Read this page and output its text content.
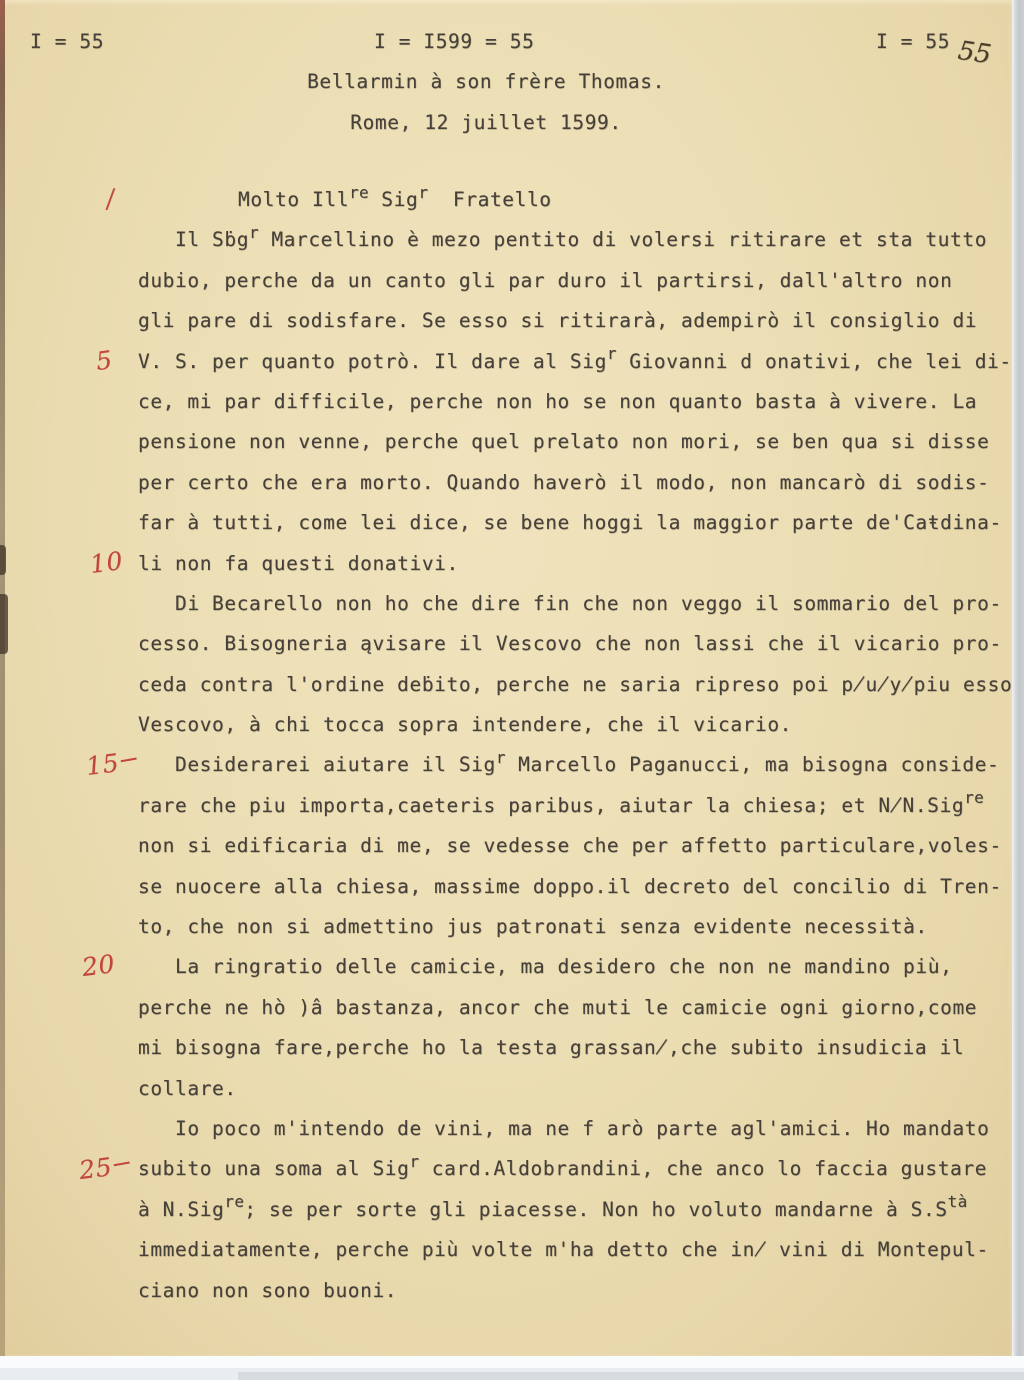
I = 55	I = I599 = 55	I = 55 55
Bellarmin à son frère Thomas.
Rome, 12 juillet 1599.
/	Molto Ill$^{re}$ Sig$^r$  Fratello
Il Sḃg$^r$ Marcellino è mezo pentito di volersi ritirare et sta tutto
dubio, perche da un canto gli par duro il partirsi, dall'altro non
gli pare di sodisfare. Se esso si ritirarà, adempirò il consiglio di
5 V. S. per quanto potrò. Il dare al Sig$^r$ Giovanni d onativi, che lei di-
ce, mi par difficile, perche non ho se non quanto basta à vivere. La
pensione non venne, perche quel prelato non mori, se ben qua si disse
per certo che era morto. Quando haverò il modo, non mancarò di sodis-
far à tutti, come lei dice, se bene hoggi la maggior parte de'Caŧdina-
10 li non fa questi donativi.
Di Becarello non ho che dire fin che non veggo il sommario del pro-
cesso. Bisogneria ąvisare il Vescovo che non lassi che il vicario pro-
ceda contra l'ordine deḃito, perche ne saria ripreso poi p̸u̸y̸piu esso
Vescovo, à chi tocca sopra intendere, che il vicario.
15	Desiderarei aiutare il Sig$^r$ Marcello Paganucci, ma bisogna conside-
rare che piu importa,caeteris paribus, aiutar la chiesa; et N̸N.Sig$^{re}$
non si edificaria di me, se vedesse che per affetto particulare,voles-
se nuocere alla chiesa, massime doppo.il decreto del concilio di Tren-
to, che non si admettino jus patronati senza evidente necessità.
20	La ringratio delle camicie, ma desidero che non ne mandino più,
perche ne hò )â bastanza, ancor che muti le camicie ogni giorno,come
mi bisogna fare,perche ho la testa grassan̸,che subito insudicia il
collare.
Io poco m'intendo de vini, ma ne f arò parte agl'amici. Ho mandato
25	subito una soma al Sig$^r$ card.Aldobrandini, che anco lo faccia gustare
à N.Sig$^{re}$; se per sorte gli piacesse. Non ho voluto mandarne à $S.S^{tà}$
immediatamente, perche più volte m'ha detto che in̸ vini di Montepul-
ciano non sono buoni.
